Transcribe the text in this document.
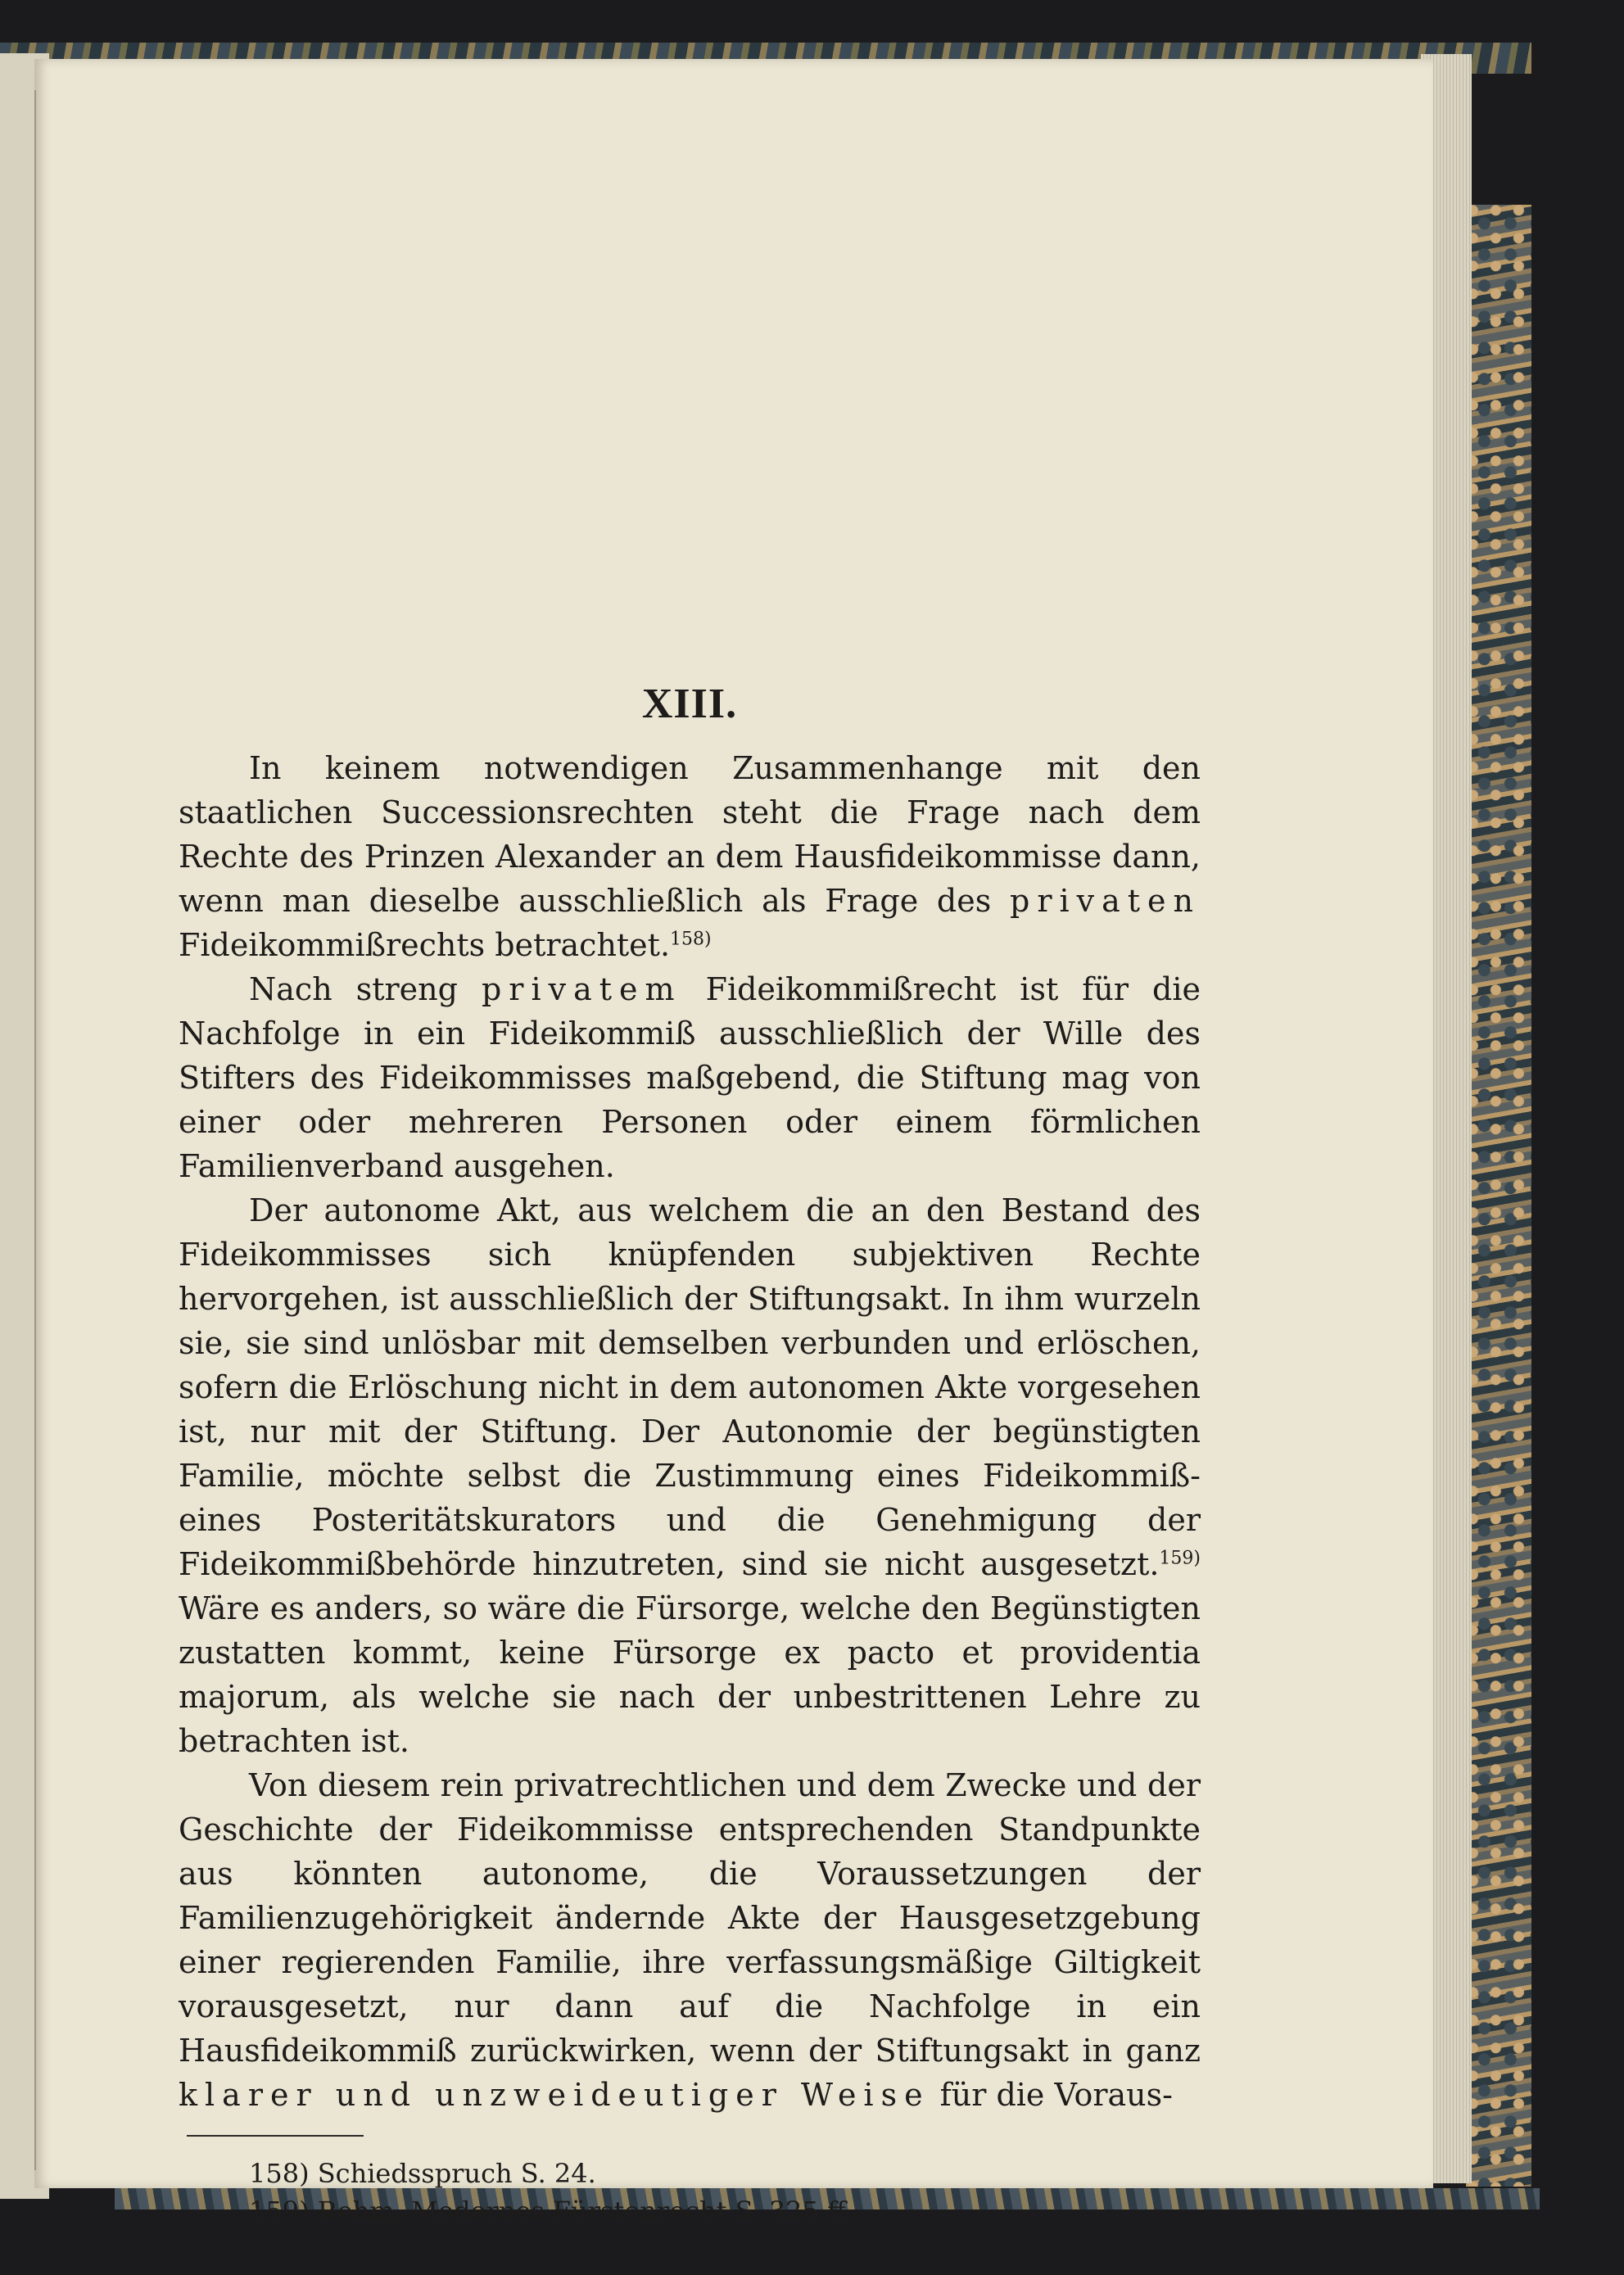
XIII.

In keinem notwendigen Zusammenhange mit den staatlichen Successionsrechten steht die Frage nach dem Rechte des Prinzen Alexander an dem Hausfideikommisse dann, wenn man dieselbe ausschließlich als Frage des privaten Fideikommißrechts betrachtet.$^{158)}$

Nach streng privatem Fideikommißrecht ist für die Nachfolge in ein Fideikommiß ausschließlich der Wille des Stifters des Fideikommisses maßgebend, die Stiftung mag von einer oder mehreren Personen oder einem förmlichen Familienverband ausgehen.

Der autonome Akt, aus welchem die an den Bestand des Fideikommisses sich knüpfenden subjektiven Rechte hervorgehen, ist ausschließlich der Stiftungsakt. In ihm wurzeln sie, sie sind unlösbar mit demselben verbunden und erlöschen, sofern die Erlöschung nicht in dem autonomen Akte vorgesehen ist, nur mit der Stiftung. Der Autonomie der begünstigten Familie, möchte selbst die Zustimmung eines Fideikommiß- eines Posteritätskurators und die Genehmigung der Fideikommißbehörde hinzutreten, sind sie nicht ausgesetzt.$^{159)}$ Wäre es anders, so wäre die Fürsorge, welche den Begünstigten zustatten kommt, keine Fürsorge ex pacto et providentia majorum, als welche sie nach der unbestrittenen Lehre zu betrachten ist.

Von diesem rein privatrechtlichen und dem Zwecke und der Geschichte der Fideikommisse entsprechenden Standpunkte aus könnten autonome, die Voraussetzungen der Familienzugehörigkeit ändernde Akte der Hausgesetzgebung einer regierenden Familie, ihre verfassungsmäßige Giltigkeit vorausgesetzt, nur dann auf die Nachfolge in ein Hausfideikommiß zurückwirken, wenn der Stiftungsakt in ganz klarer und unzweideutiger Weise für die Voraus-

158) Schiedsspruch S. 24.
159) Rehm, Modernes Fürstenrecht S. 325 ff.
